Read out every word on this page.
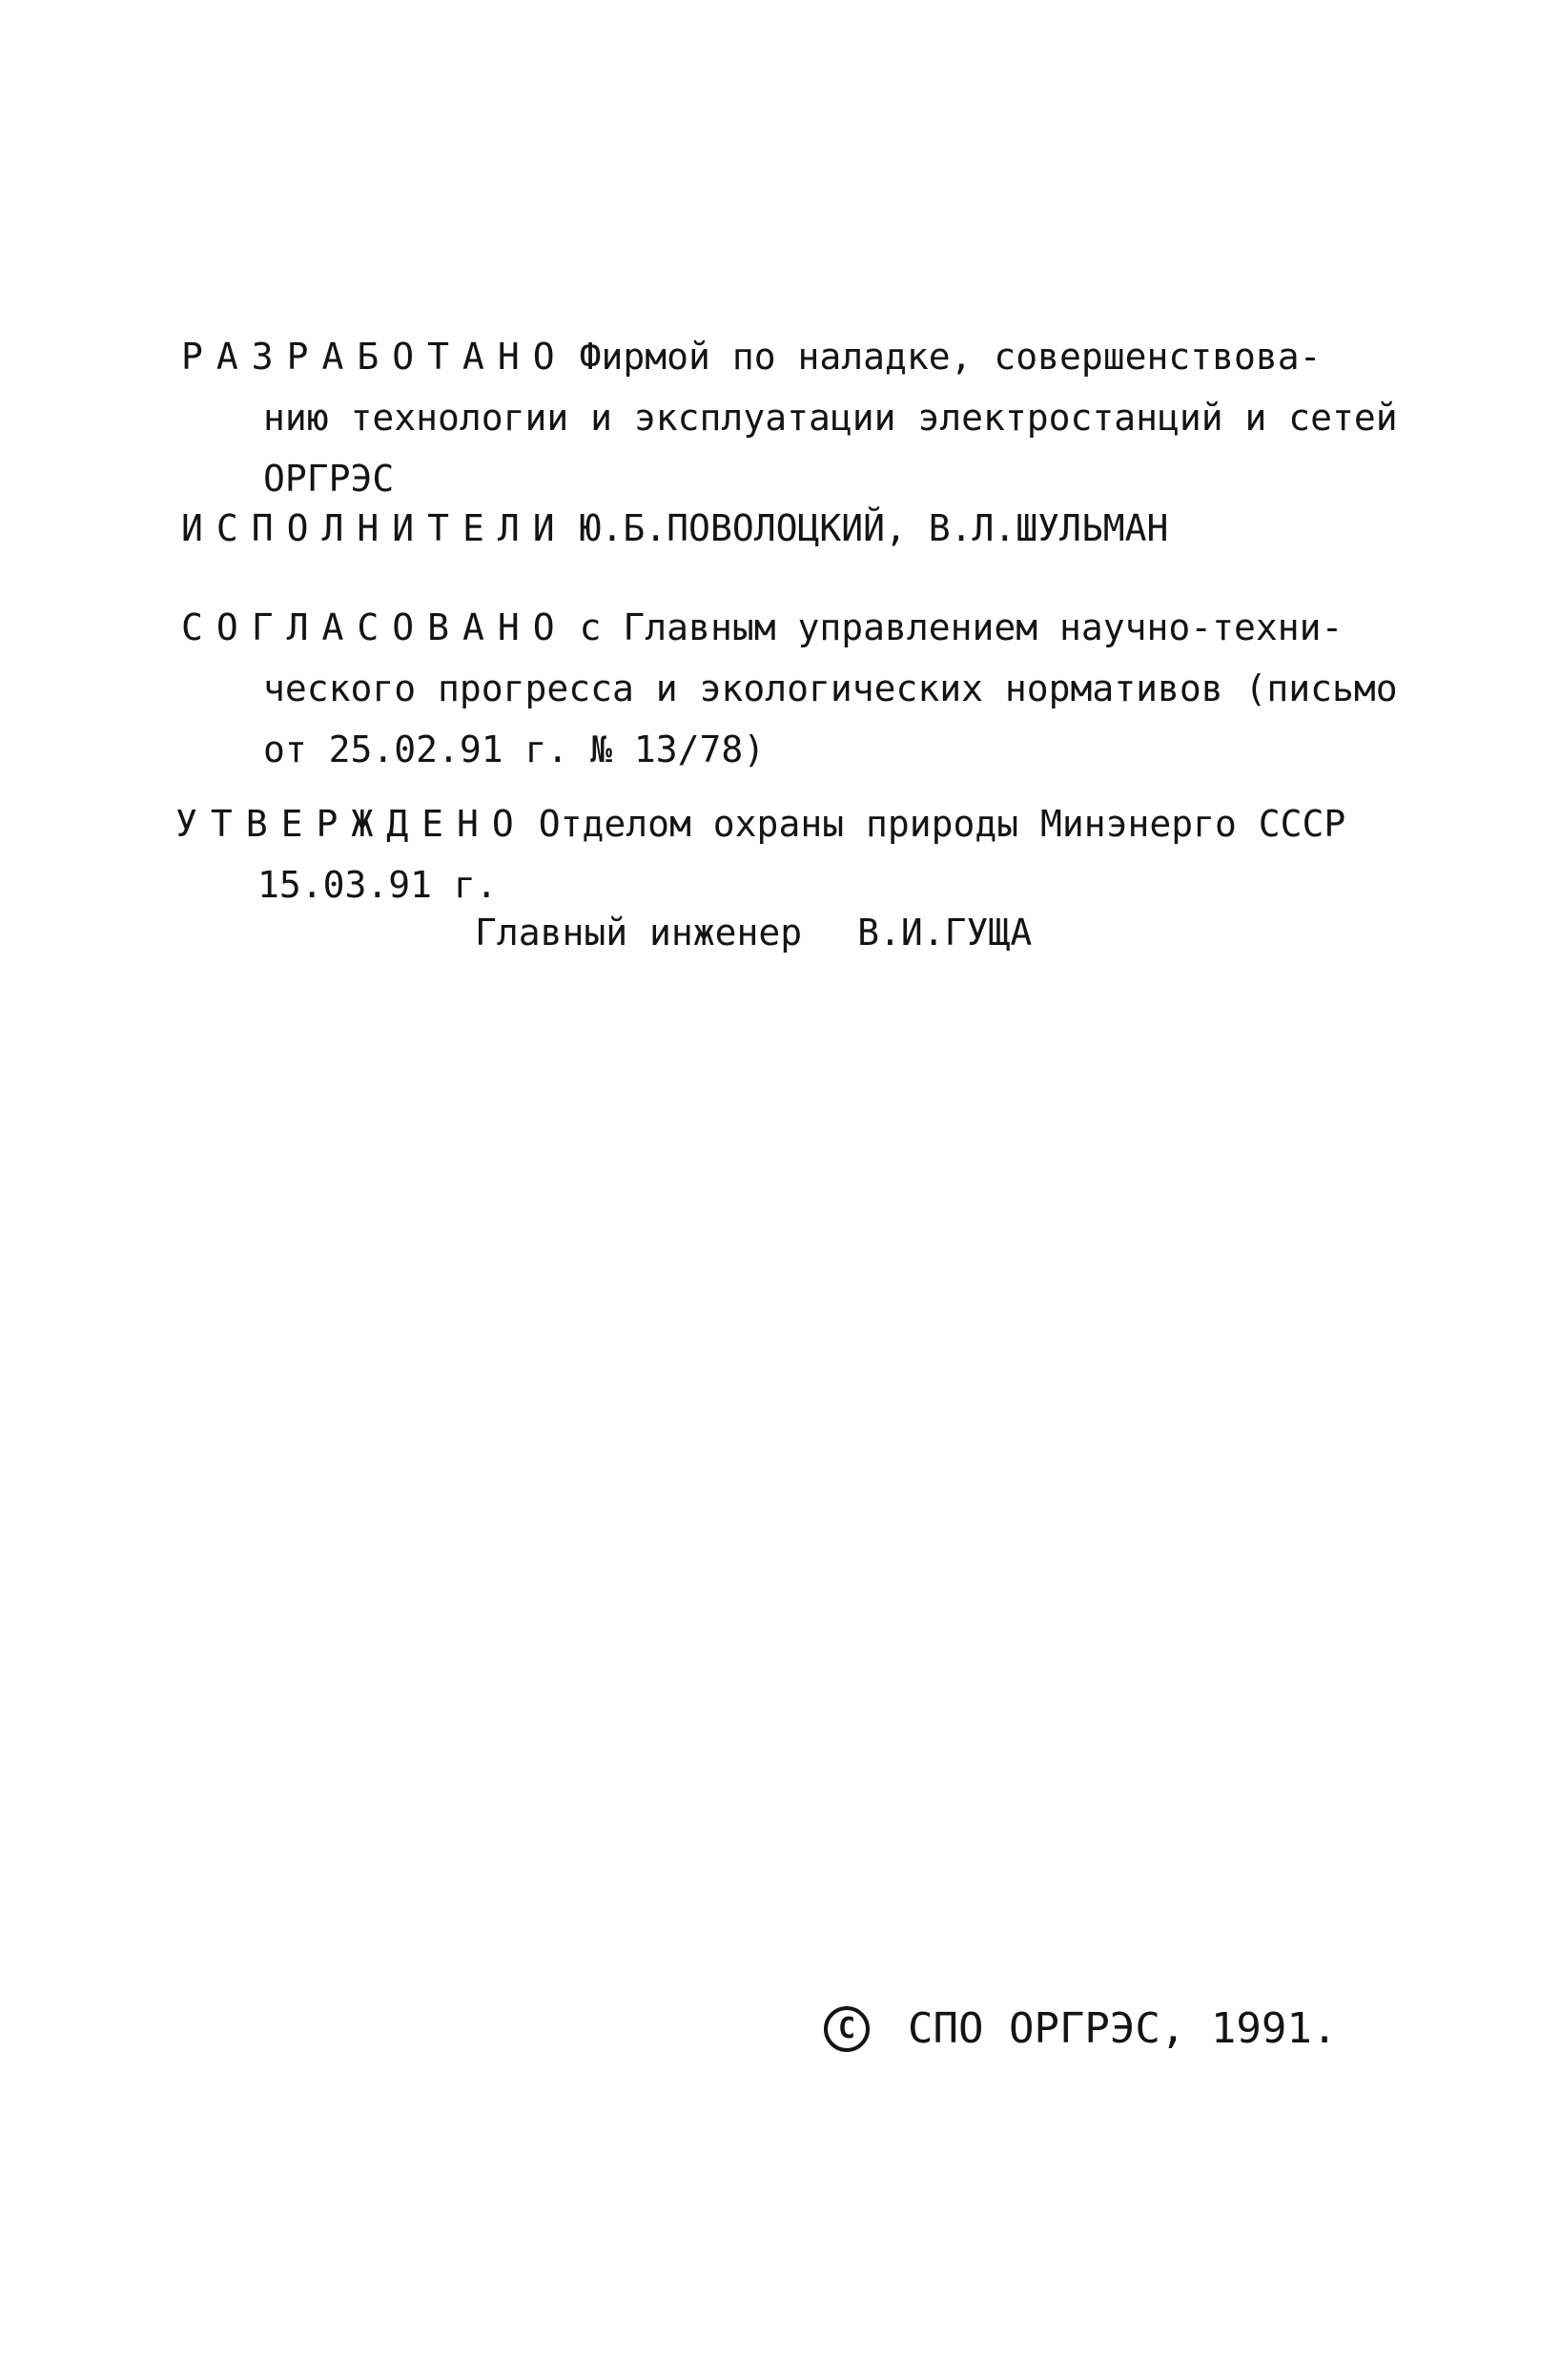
РАЗРАБОТАНО Фирмой по наладке, совершенствова-
нию технологии и эксплуатации электростанций и сетей
ОРГРЭС
ИСПОЛНИТЕЛИ Ю.Б.ПОВОЛОЦКИЙ, В.Л.ШУЛЬМАН
СОГЛАСОВАНО с Главным управлением научно-техни-
ческого прогресса и экологических нормативов (письмо
от 25.02.91 г. № 13/78)
УТВЕРЖДЕНО Отделом охраны природы Минэнерго СССР
15.03.91 г.
Главный инженер В.И.ГУЩА
С	СПО ОРГРЭС, 1991.
